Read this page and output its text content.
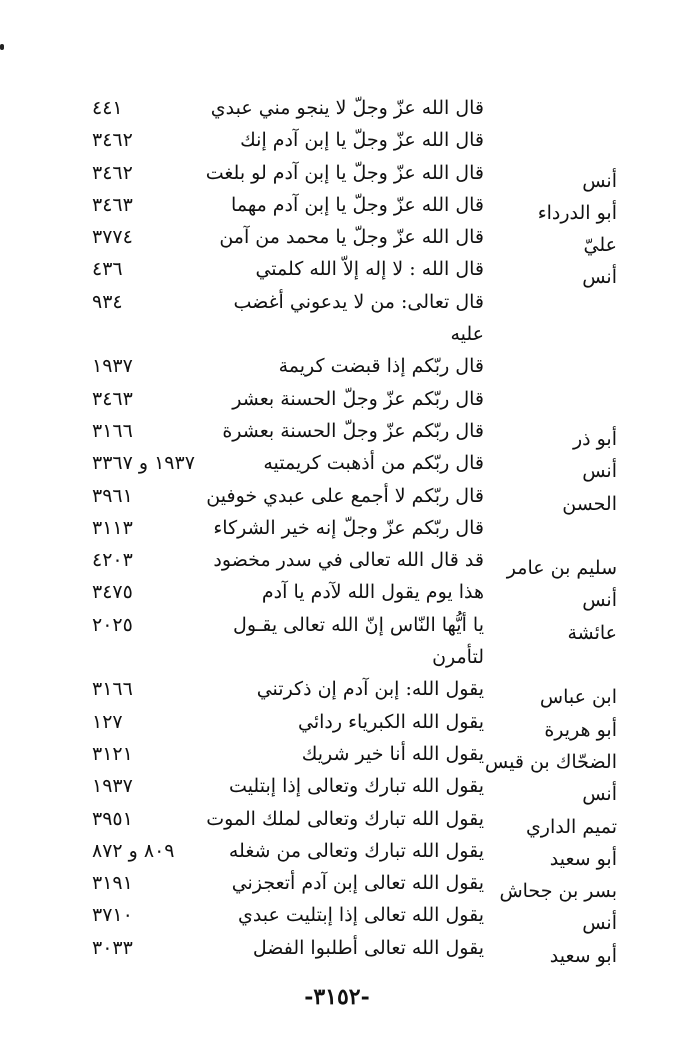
قال الله عزّ وجلّ لا ينجو مني عبدي
٤٤١
قال الله عزّ وجلّ يا إبن آدم إنك
٣٤٦٢
أنس
قال الله عزّ وجلّ يا إبن آدم لو بلغت
٣٤٦٢
أبو الدرداء
قال الله عزّ وجلّ يا إبن آدم مهما
٣٤٦٣
عليّ
قال الله عزّ وجلّ يا محمد من آمن
٣٧٧٤
أنس
قال الله : لا إله إلاّ الله كلمتي
٤٣٦
قال تعالى: من لا يدعوني أغضب
٩٣٤
عليه
قال ربّكم إذا قبضت كريمة
١٩٣٧
قال ربّكم عزّ وجلّ الحسنة بعشر
٣٤٦٣
أبو ذر
قال ربّكم عزّ وجلّ الحسنة بعشرة
٣١٦٦
أنس
قال ربّكم من أذهبت كريمتيه
١٩٣٧ و ٣٣٦٧
الحسن
قال ربّكم لا أجمع على عبدي خوفين
٣٩٦١
قال ربّكم عزّ وجلّ إنه خير الشركاء
٣١١٣
سليم بن عامر
قد قال الله تعالى في سدر مخضود
٤٢٠٣
أنس
هذا يوم يقول الله لآدم يا آدم
٣٤٧٥
عائشة
يا أيُّها النّاس إنّ الله تعالى يقـول
٢٠٢٥
لتأمرن
ابن عباس
يقول الله: إبن آدم إن ذكرتني
٣١٦٦
أبو هريرة
يقول الله الكبرياء ردائي
١٢٧
الضحّاك بن قيس
يقول الله أنا خير شريك
٣١٢١
أنس
يقول الله تبارك وتعالى إذا إبتليت
١٩٣٧
تميم الداري
يقول الله تبارك وتعالى لملك الموت
٣٩٥١
أبو سعيد
يقول الله تبارك وتعالى من شغله
٨٠٩ و ٨٧٢
بسر بن جحاش
يقول الله تعالى إبن آدم أتعجزني
٣١٩١
أنس
يقول الله تعالى إذا إبتليت عبدي
٣٧١٠
أبو سعيد
يقول الله تعالى أطلبوا الفضل
٣٠٣٣
-٣١٥٢-
